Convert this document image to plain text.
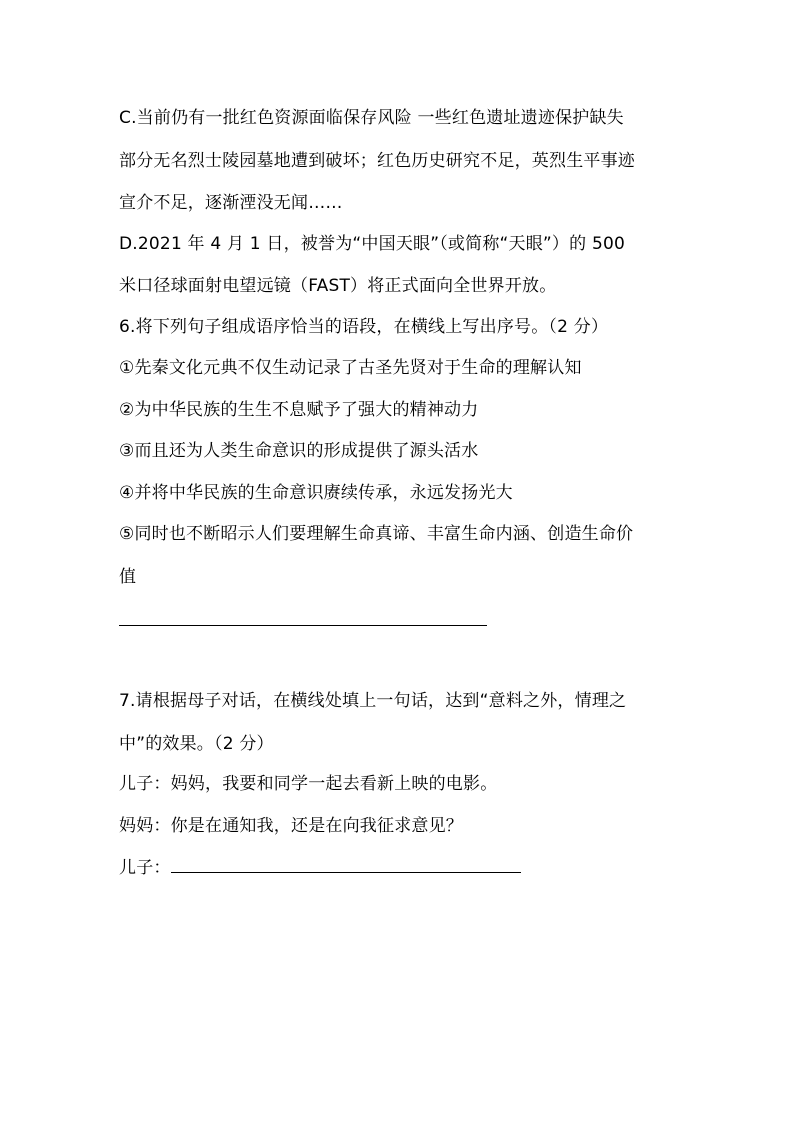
C.当前仍有一批红色资源面临保存风险 一些红色遗址遗迹保护缺失
部分无名烈士陵园墓地遭到破坏；红色历史研究不足，英烈生平事迹
宣介不足，逐渐湮没无闻……
D.2021 年 4 月 1 日，被誉为“中国天眼”（或简称“天眼”）的 500
米口径球面射电望远镜（FAST）将正式面向全世界开放。
6.将下列句子组成语序恰当的语段，在横线上写出序号。（2 分）
①先秦文化元典不仅生动记录了古圣先贤对于生命的理解认知
②为中华民族的生生不息赋予了强大的精神动力
③而且还为人类生命意识的形成提供了源头活水
④并将中华民族的生命意识赓续传承，永远发扬光大
⑤同时也不断昭示人们要理解生命真谛、丰富生命内涵、创造生命价
值
7.请根据母子对话，在横线处填上一句话，达到“意料之外，情理之
中”的效果。（2 分）
儿子：妈妈，我要和同学一起去看新上映的电影。
妈妈：你是在通知我，还是在向我征求意见？
儿子：
